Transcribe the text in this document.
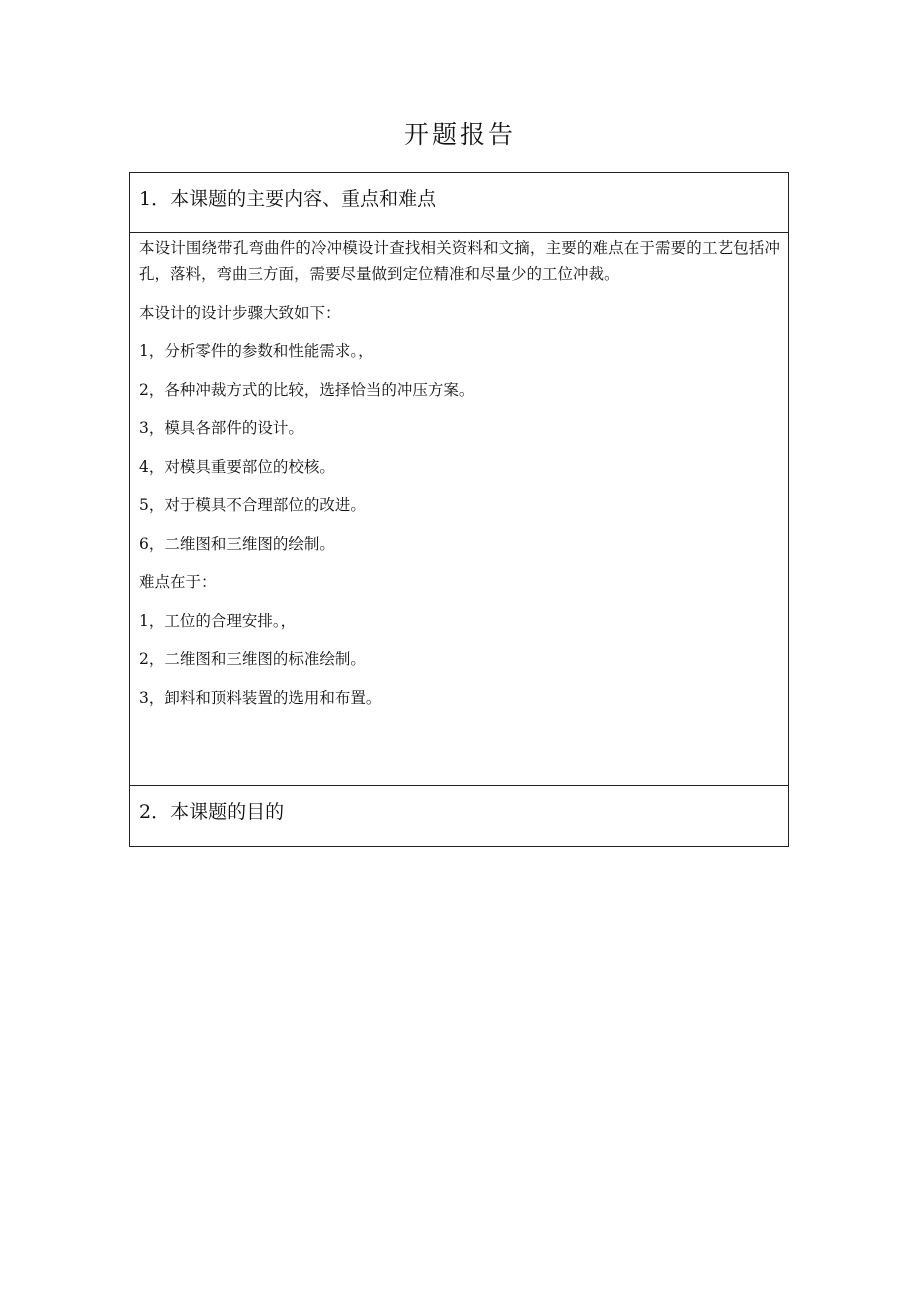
开题报告
1．本课题的主要内容、重点和难点

本设计围绕带孔弯曲件的冷冲模设计查找相关资料和文摘，主要的难点在于需要的工艺包括冲孔，落料，弯曲三方面，需要尽量做到定位精准和尽量少的工位冲裁。

本设计的设计步骤大致如下：

1，分析零件的参数和性能需求。，

2，各种冲裁方式的比较，选择恰当的冲压方案。

3，模具各部件的设计。

4，对模具重要部位的校核。

5，对于模具不合理部位的改进。

6，二维图和三维图的绘制。

难点在于：

1，工位的合理安排。，

2，二维图和三维图的标准绘制。

3，卸料和顶料装置的选用和布置。

2．本课题的目的
